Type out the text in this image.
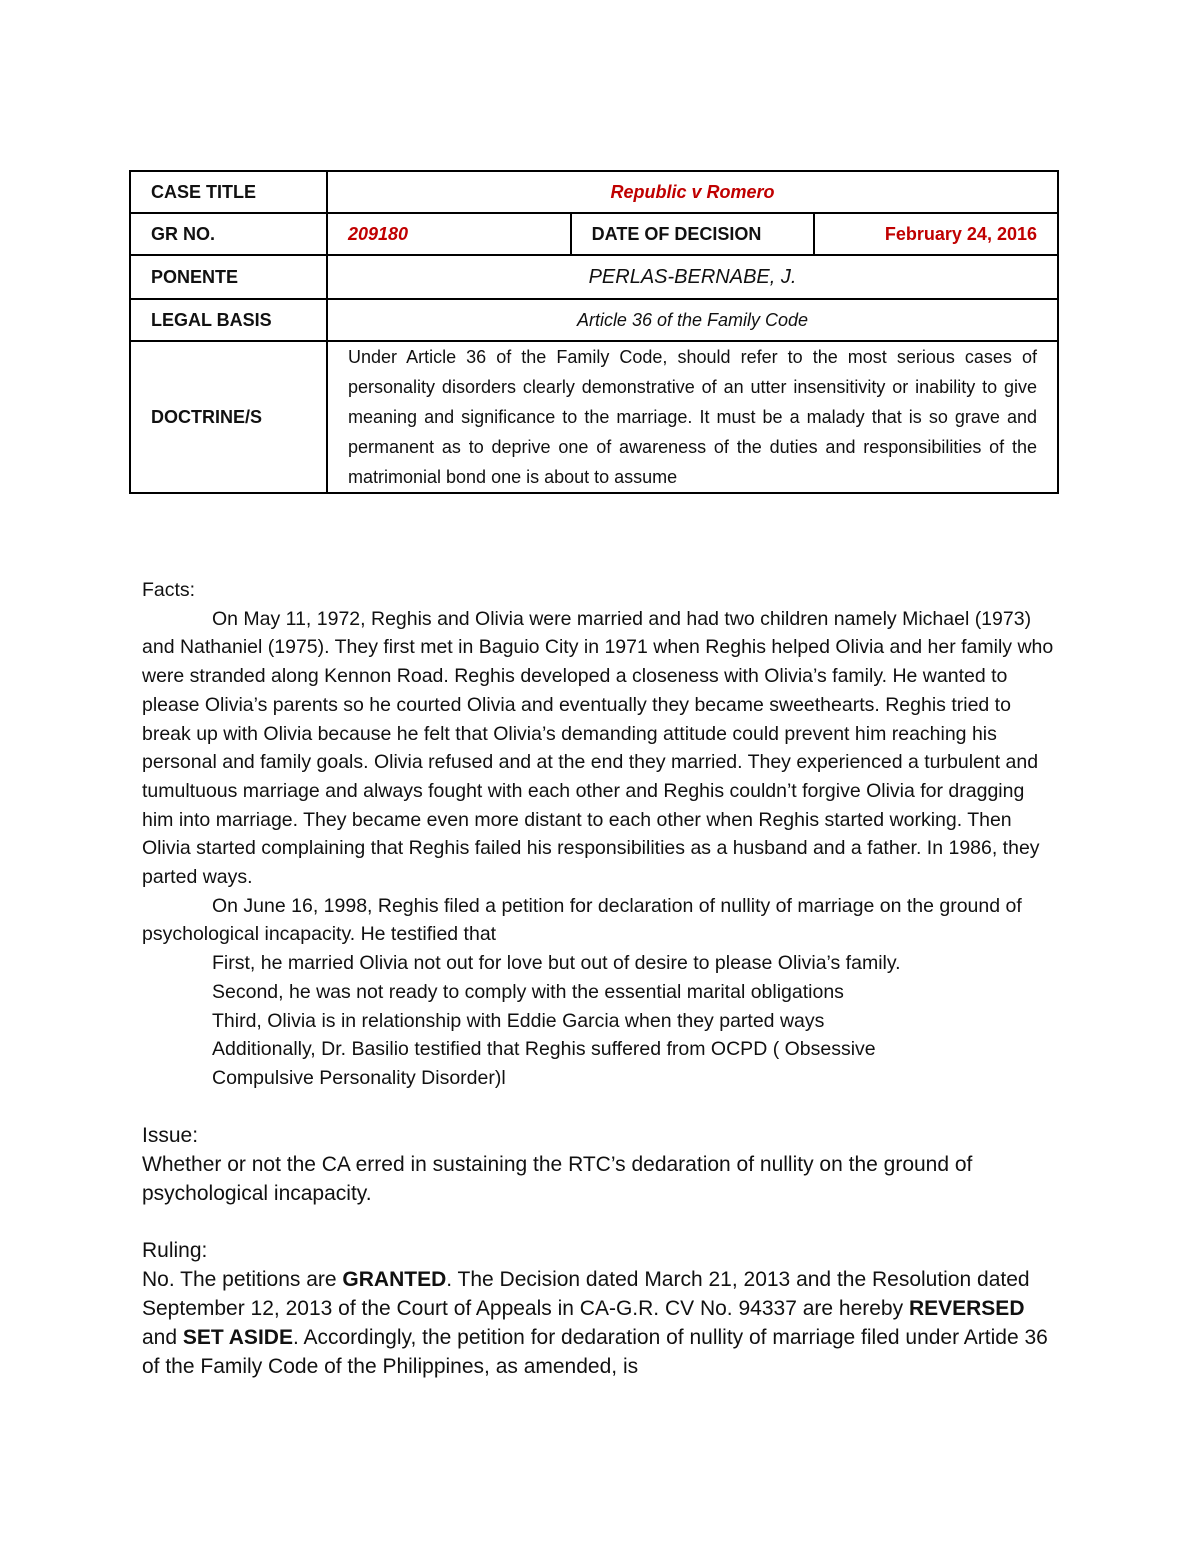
CASE TITLE	Republic v Romero		
GR NO.	209180	DATE OF DECISION	February 24, 2016
PONENTE	PERLAS-BERNABE, J.		
LEGAL BASIS	Article 36 of the Family Code		
DOCTRINE/S	Under Article 36 of the Family Code, should refer to the most serious cases of personality disorders clearly demonstrative of an utter insensitivity or inability to give meaning and significance to the marriage. It must be a malady that is so grave and permanent as to deprive one of awareness of the duties and responsibilities of the matrimonial bond one is about to assume		

Facts:

On May 11, 1972, Reghis and Olivia were married and had two children namely Michael (1973) and Nathaniel (1975). They first met in Baguio City in 1971 when Reghis helped Olivia and her family who were stranded along Kennon Road. Reghis developed a closeness with Olivia’s family. He wanted to please Olivia’s parents so he courted Olivia and eventually they became sweethearts. Reghis tried to break up with Olivia because he felt that Olivia’s demanding attitude could prevent him reaching his personal and family goals. Olivia refused and at the end they married. They experienced a turbulent and tumultuous marriage and always fought with each other and Reghis couldn’t forgive Olivia for dragging him into marriage. They became even more distant to each other when Reghis started working. Then Olivia started complaining that Reghis failed his responsibilities as a husband and a father. In 1986, they parted ways.

On June 16, 1998, Reghis filed a petition for declaration of nullity of marriage on the ground of psychological incapacity. He testified that

First, he married Olivia not out for love but out of desire to please Olivia’s family.

Second, he was not ready to comply with the essential marital obligations

Third, Olivia is in relationship with Eddie Garcia when they parted ways

Additionally, Dr. Basilio testified that Reghis suffered from OCPD ( Obsessive Compulsive Personality Disorder)l

Issue:

Whether or not the CA erred in sustaining the RTC’s dedaration of nullity on the ground of psychological incapacity.

Ruling:

No. The petitions are GRANTED. The Decision dated March 21, 2013 and the Resolution dated September 12, 2013 of the Court of Appeals in CA-G.R. CV No. 94337 are hereby REVERSED and SET ASIDE. Accordingly, the petition for dedaration of nullity of marriage filed under Artide 36 of the Family Code of the Philippines, as amended, is
